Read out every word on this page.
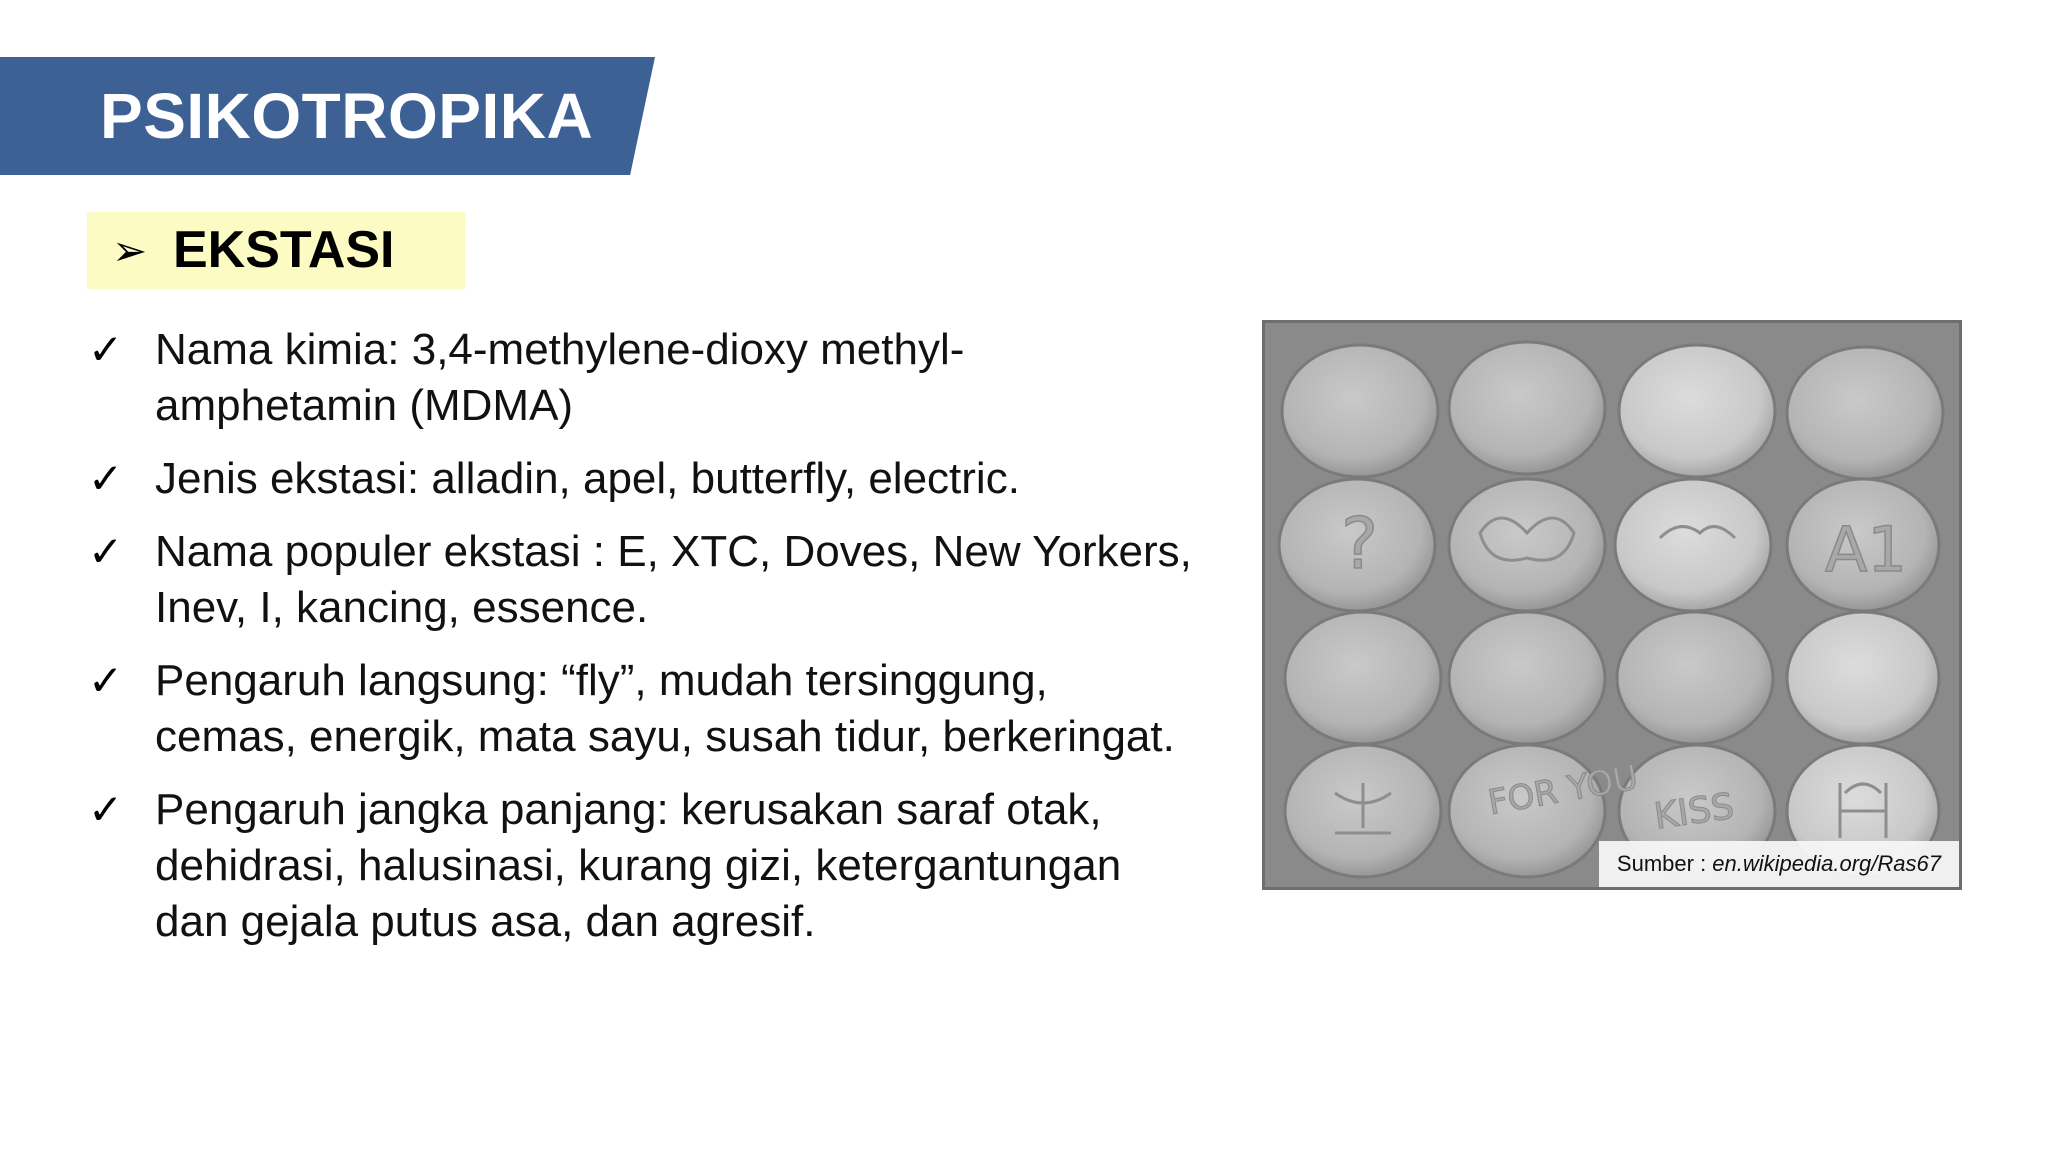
PSIKOTROPIKA
➢ EKSTASI
✓ Nama kimia: 3,4-methylene-dioxy methyl- amphetamin (MDMA)
✓ Jenis ekstasi: alladin, apel, butterfly, electric.
✓ Nama populer ekstasi : E, XTC, Doves, New Yorkers, Inev, I, kancing, essence.
✓ Pengaruh langsung: “fly”, mudah tersinggung, cemas, energik, mata sayu, susah tidur, berkeringat.
✓ Pengaruh jangka panjang: kerusakan saraf otak, dehidrasi, halusinasi, kurang gizi, ketergantungan dan gejala putus asa, dan agresif.
?	A1
FOR YOU KISS
Sumber : en.wikipedia.org/Ras67
